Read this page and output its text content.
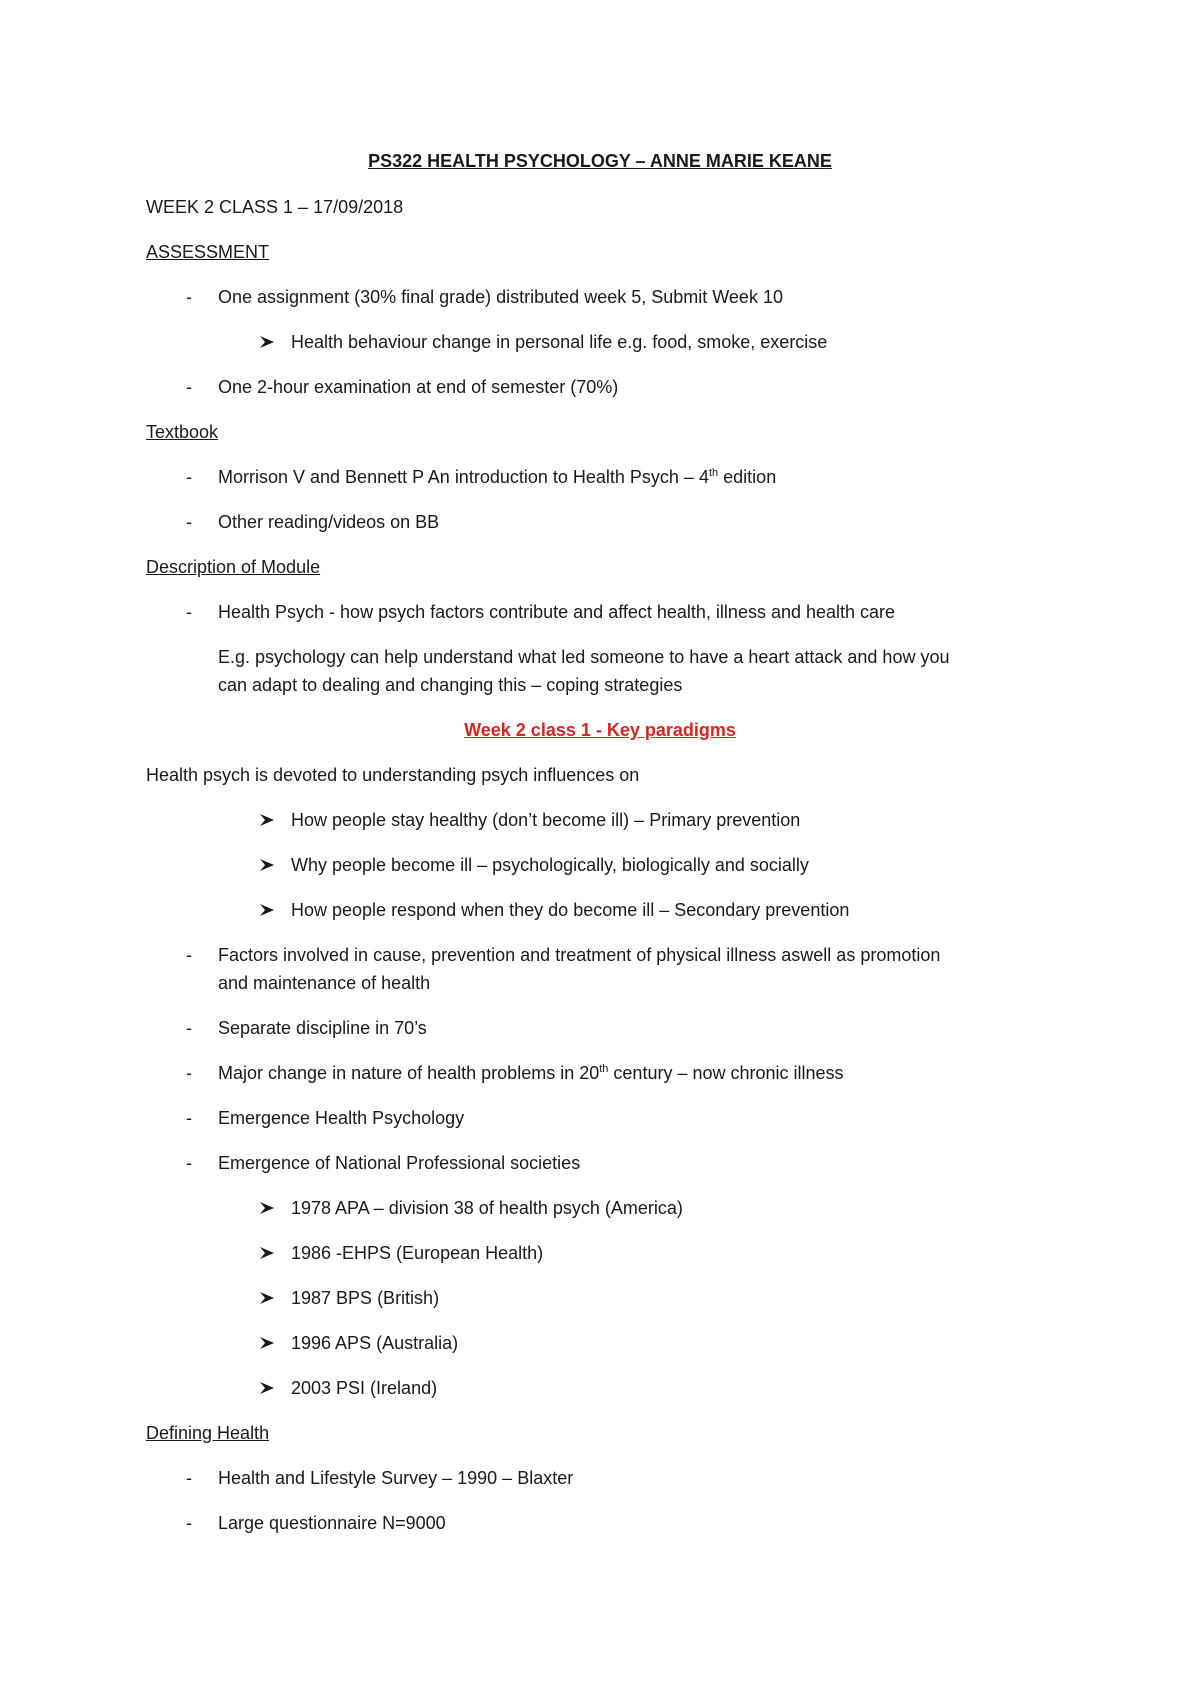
PS322 HEALTH PSYCHOLOGY – ANNE MARIE KEANE
WEEK 2 CLASS 1 – 17/09/2018
ASSESSMENT
-	One assignment (30% final grade) distributed week 5, Submit Week 10
Health behaviour change in personal life e.g. food, smoke, exercise
-	One 2-hour examination at end of semester (70%)
Textbook
-	Morrison V and Bennett P An introduction to Health Psych – 4th edition
-	Other reading/videos on BB
Description of Module
-	Health Psych - how psych factors contribute and affect health, illness and health care
E.g. psychology can help understand what led someone to have a heart attack and how you
can adapt to dealing and changing this – coping strategies
Week 2 class 1 - Key paradigms
Health psych is devoted to understanding psych influences on
How people stay healthy (don’t become ill) – Primary prevention
Why people become ill – psychologically, biologically and socially
How people respond when they do become ill – Secondary prevention
-	Factors involved in cause, prevention and treatment of physical illness aswell as promotion
and maintenance of health
-	Separate discipline in 70’s
-	Major change in nature of health problems in 20th century – now chronic illness
-	Emergence Health Psychology
-	Emergence of National Professional societies
1978 APA – division 38 of health psych (America)
1986 -EHPS (European Health)
1987 BPS (British)
1996 APS (Australia)
2003 PSI (Ireland)
Defining Health
-	Health and Lifestyle Survey – 1990 – Blaxter
-	Large questionnaire N=9000
